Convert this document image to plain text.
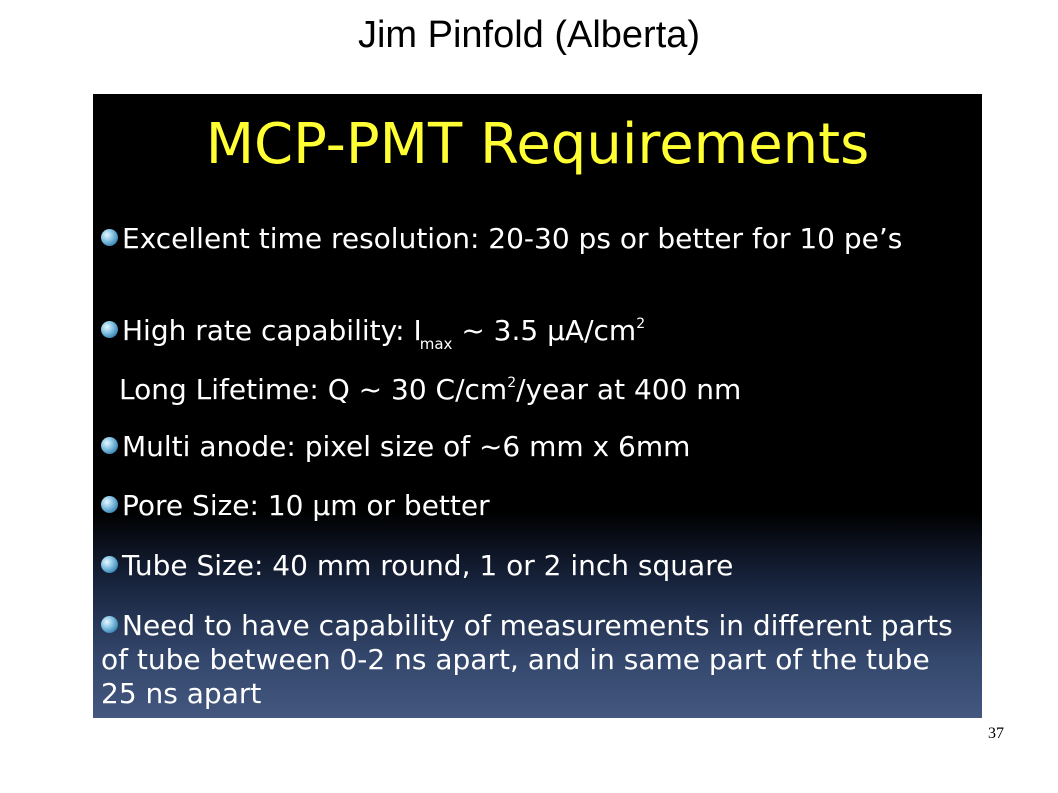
Jim Pinfold (Alberta)
MCP-PMT Requirements
Excellent time resolution: 20-30 ps or better for 10 pe’s
High rate capability: $I_{max}$ ~ 3.5 $\mu A/cm^2$
Long Lifetime: Q ~ 30 $C/cm^2$/year at 400 nm
Multi anode: pixel size of ~6 mm x 6mm
Pore Size: 10 μm or better
Tube Size: 40 mm round, 1 or 2 inch square
Need to have capability of measurements in different parts of tube between 0-2 ns apart, and in same part of the tube 25 ns apart
37
